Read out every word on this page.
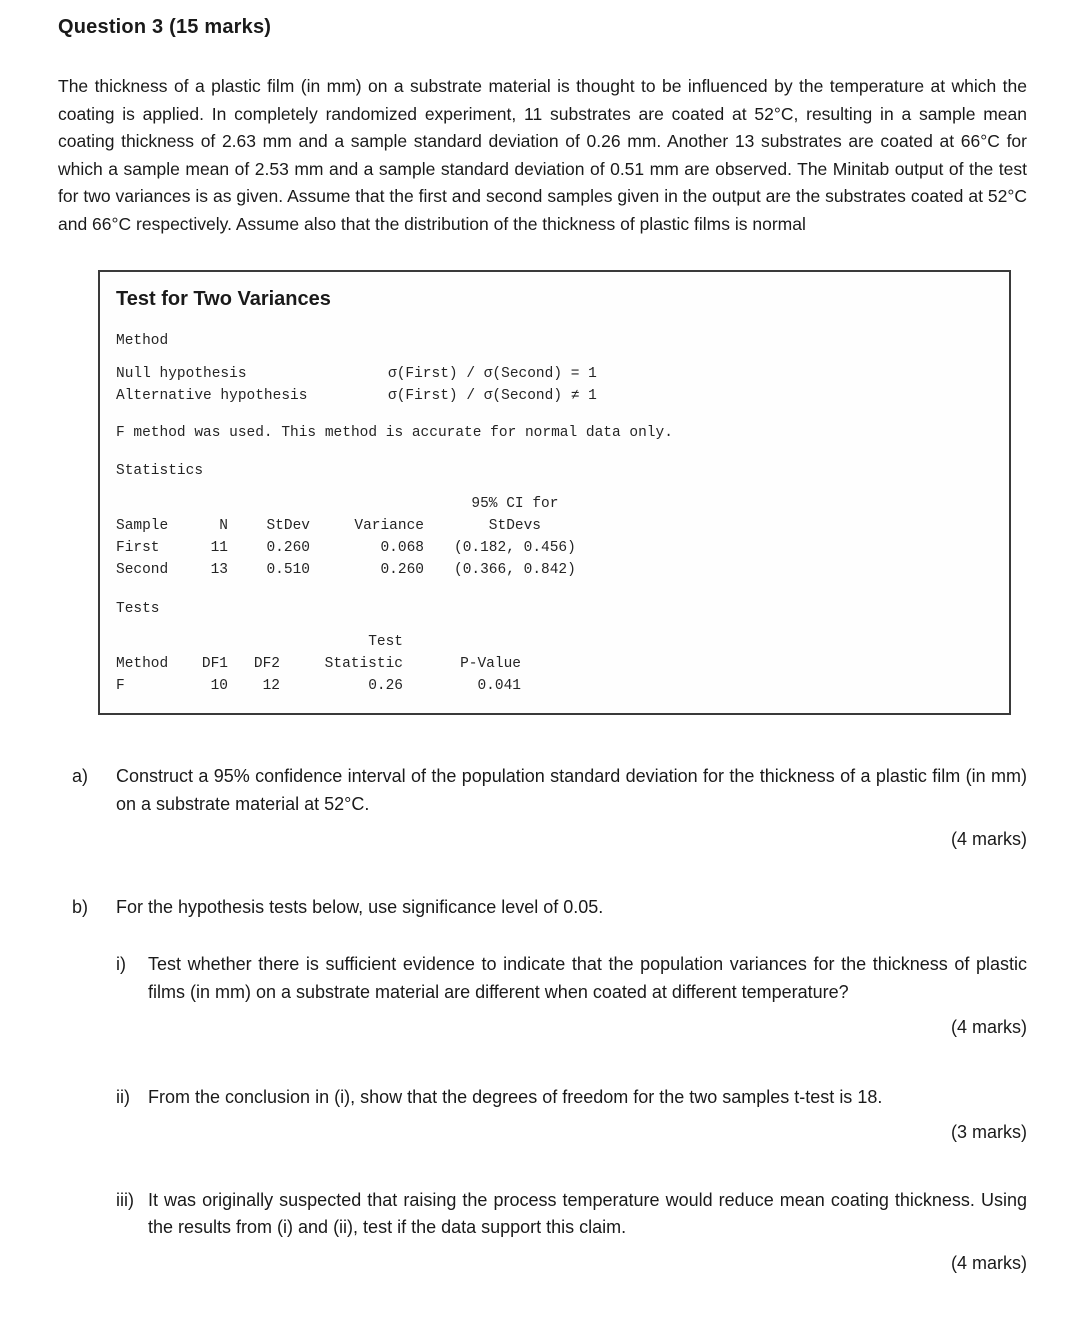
Question 3 (15 marks)

The thickness of a plastic film (in mm) on a substrate material is thought to be influenced by the temperature at which the coating is applied. In completely randomized experiment, 11 substrates are coated at 52°C, resulting in a sample mean coating thickness of 2.63 mm and a sample standard deviation of 0.26 mm. Another 13 substrates are coated at 66°C for which a sample mean of 2.53 mm and a sample standard deviation of 0.51 mm are observed. The Minitab output of the test for two variances is as given. Assume that the first and second samples given in the output are the substrates coated at 52°C and 66°C respectively. Assume also that the distribution of the thickness of plastic films is normal

Test for Two Variances
Method
Null hypothesis	σ(First) / σ(Second) = 1
Alternative hypothesis	σ(First) / σ(Second) ≠ 1
F method was used. This method is accurate for normal data only.
Statistics
				95% CI for
Sample	N	StDev	Variance	StDevs
First	11	0.260	0.068	(0.182, 0.456)
Second	13	0.510	0.260	(0.366, 0.842)
Tests
			Test	
Method	DF1	DF2	Statistic	P-Value
F	10	12	0.26	0.041
a)	Construct a 95% confidence interval of the population standard deviation for the thickness of a plastic film (in mm) on a substrate material at 52°C.
(4 marks)
b)	For the hypothesis tests below, use significance level of 0.05.
i)	Test whether there is sufficient evidence to indicate that the population variances for the thickness of plastic films (in mm) on a substrate material are different when coated at different temperature?
(4 marks)
ii)	From the conclusion in (i), show that the degrees of freedom for the two samples t-test is 18.
(3 marks)
iii) It was originally suspected that raising the process temperature would reduce mean coating thickness. Using the results from (i) and (ii), test if the data support this claim.
(4 marks)
